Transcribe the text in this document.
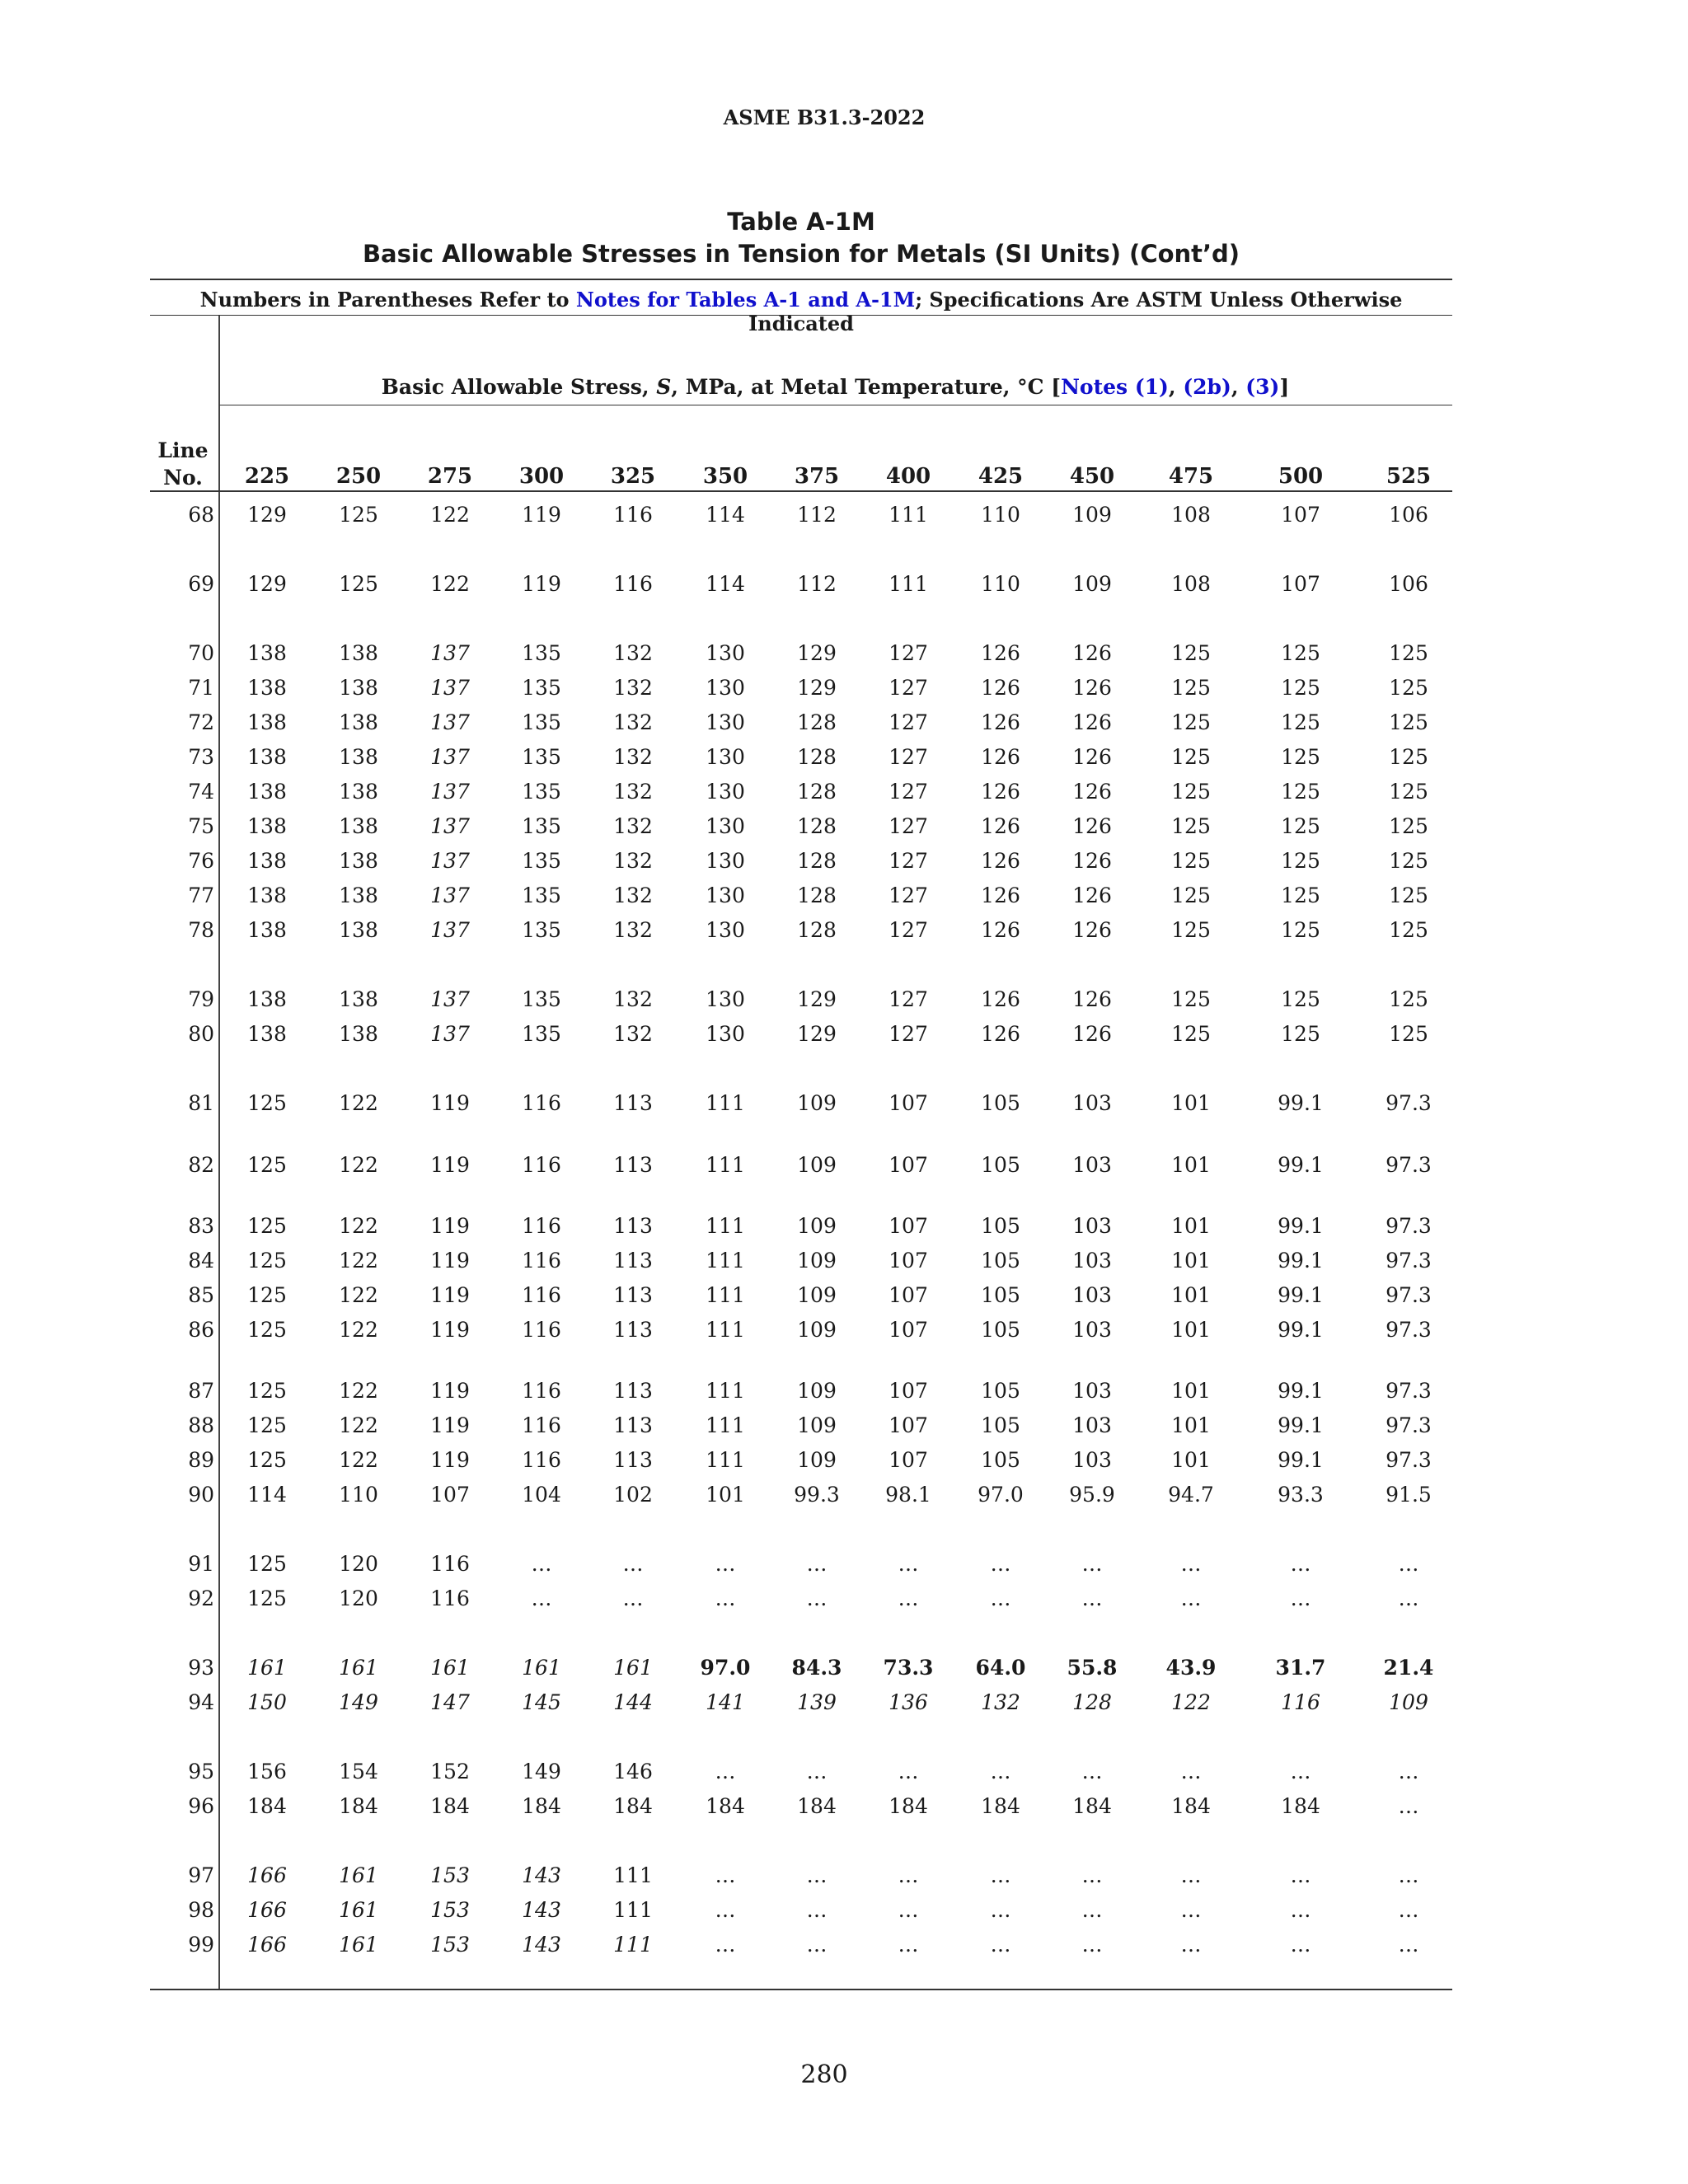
ASME B31.3-2022
Table A-1M
Basic Allowable Stresses in Tension for Metals (SI Units) (Cont’d)
Numbers in Parentheses Refer to Notes for Tables A-1 and A-1M; Specifications Are ASTM Unless Otherwise Indicated
Basic Allowable Stress, S, MPa, at Metal Temperature, °C [Notes (1), (2b), (3)]
Line
No.	225	250	275	300	325	350	375	400	425	450	475	500	525
68	129	125	122	119	116	114	112	111	110	109	108	107	106
69	129	125	122	119	116	114	112	111	110	109	108	107	106
70	138	138	137	135	132	130	129	127	126	126	125	125	125
71	138	138	137	135	132	130	129	127	126	126	125	125	125
72	138	138	137	135	132	130	128	127	126	126	125	125	125
73	138	138	137	135	132	130	128	127	126	126	125	125	125
74	138	138	137	135	132	130	128	127	126	126	125	125	125
75	138	138	137	135	132	130	128	127	126	126	125	125	125
76	138	138	137	135	132	130	128	127	126	126	125	125	125
77	138	138	137	135	132	130	128	127	126	126	125	125	125
78	138	138	137	135	132	130	128	127	126	126	125	125	125
79	138	138	137	135	132	130	129	127	126	126	125	125	125
80	138	138	137	135	132	130	129	127	126	126	125	125	125
81	125	122	119	116	113	111	109	107	105	103	101	99.1	97.3
82	125	122	119	116	113	111	109	107	105	103	101	99.1	97.3
83	125	122	119	116	113	111	109	107	105	103	101	99.1	97.3
84	125	122	119	116	113	111	109	107	105	103	101	99.1	97.3
85	125	122	119	116	113	111	109	107	105	103	101	99.1	97.3
86	125	122	119	116	113	111	109	107	105	103	101	99.1	97.3
87	125	122	119	116	113	111	109	107	105	103	101	99.1	97.3
88	125	122	119	116	113	111	109	107	105	103	101	99.1	97.3
89	125	122	119	116	113	111	109	107	105	103	101	99.1	97.3
90	114	110	107	104	102	101	99.3	98.1	97.0	95.9	94.7	93.3	91.5
91	125	120	116	…	…	…	…	…	…	…	…	…	…
92	125	120	116	…	…	…	…	…	…	…	…	…	…
93	161	161	161	161	161	97.0	84.3	73.3	64.0	55.8	43.9	31.7	21.4
94	150	149	147	145	144	141	139	136	132	128	122	116	109
95	156	154	152	149	146	…	…	…	…	…	…	…	…
96	184	184	184	184	184	184	184	184	184	184	184	184	…
97	166	161	153	143	111	…	…	…	…	…	…	…	…
98	166	161	153	143	111	…	…	…	…	…	…	…	…
99	166	161	153	143	111	…	…	…	…	…	…	…	…
280
